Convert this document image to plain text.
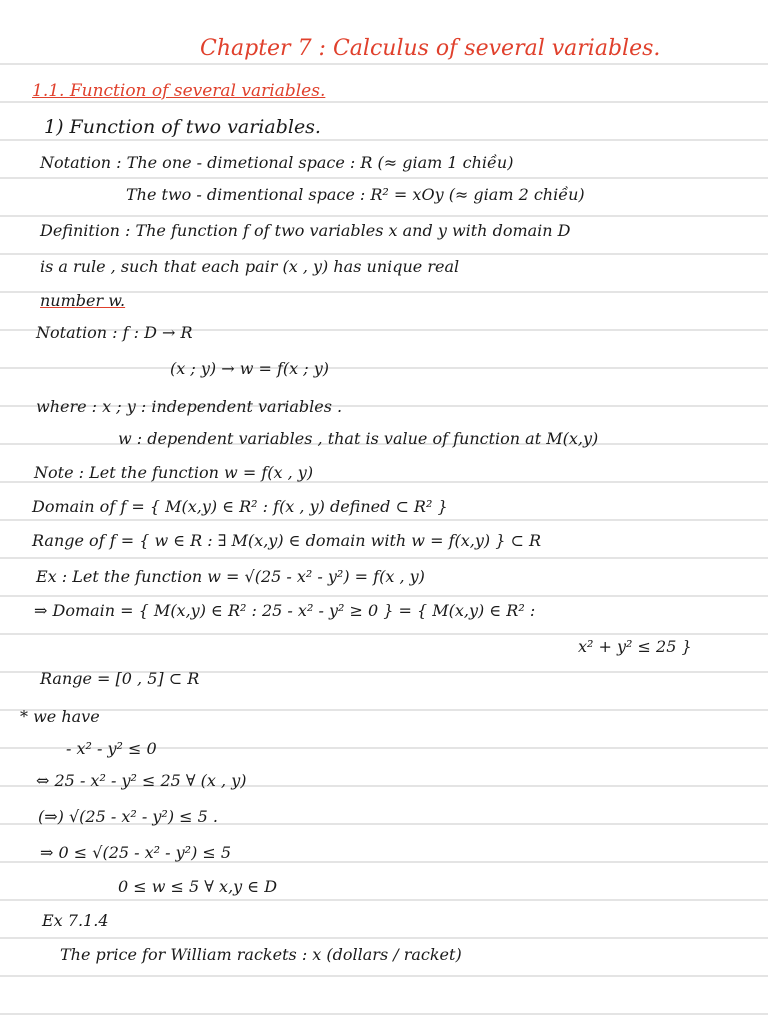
Chapter 7 : Calculus of several variables.
1.1. Function of several variables.
1) Function of two variables.
Notation : The one - dimetional space : R (≈ giam 1 chiều)
The two - dimentional space : R² = xOy (≈ giam 2 chiều)
Definition : The function f of two variables x and y with domain D
is a rule , such that each pair (x , y) has unique real
number w.
Notation : f : D → R
(x ; y) → w = f(x ; y)
where : x ; y : independent variables .
w : dependent variables , that is value of function at M(x,y)
Note : Let the function w = f(x , y)
Domain of f = { M(x,y) ∈ R² : f(x , y) defined ⊂ R² }
Range of f = { w ∈ R : ∃ M(x,y) ∈ domain with w = f(x,y) } ⊂ R
Ex : Let the function w = √(25 - x² - y²) = f(x , y)
⇒ Domain = { M(x,y) ∈ R² : 25 - x² - y² ≥ 0 } = { M(x,y) ∈ R² :
x² + y² ≤ 25 }
Range = [0 , 5] ⊂ R
* we have
- x² - y² ≤ 0
⇔ 25 - x² - y² ≤ 25 ∀ (x , y)
(⇒) √(25 - x² - y²) ≤ 5 .
⇒ 0 ≤ √(25 - x² - y²) ≤ 5
0 ≤ w ≤ 5 ∀ x,y ∈ D
Ex 7.1.4
The price for William rackets : x (dollars / racket)
